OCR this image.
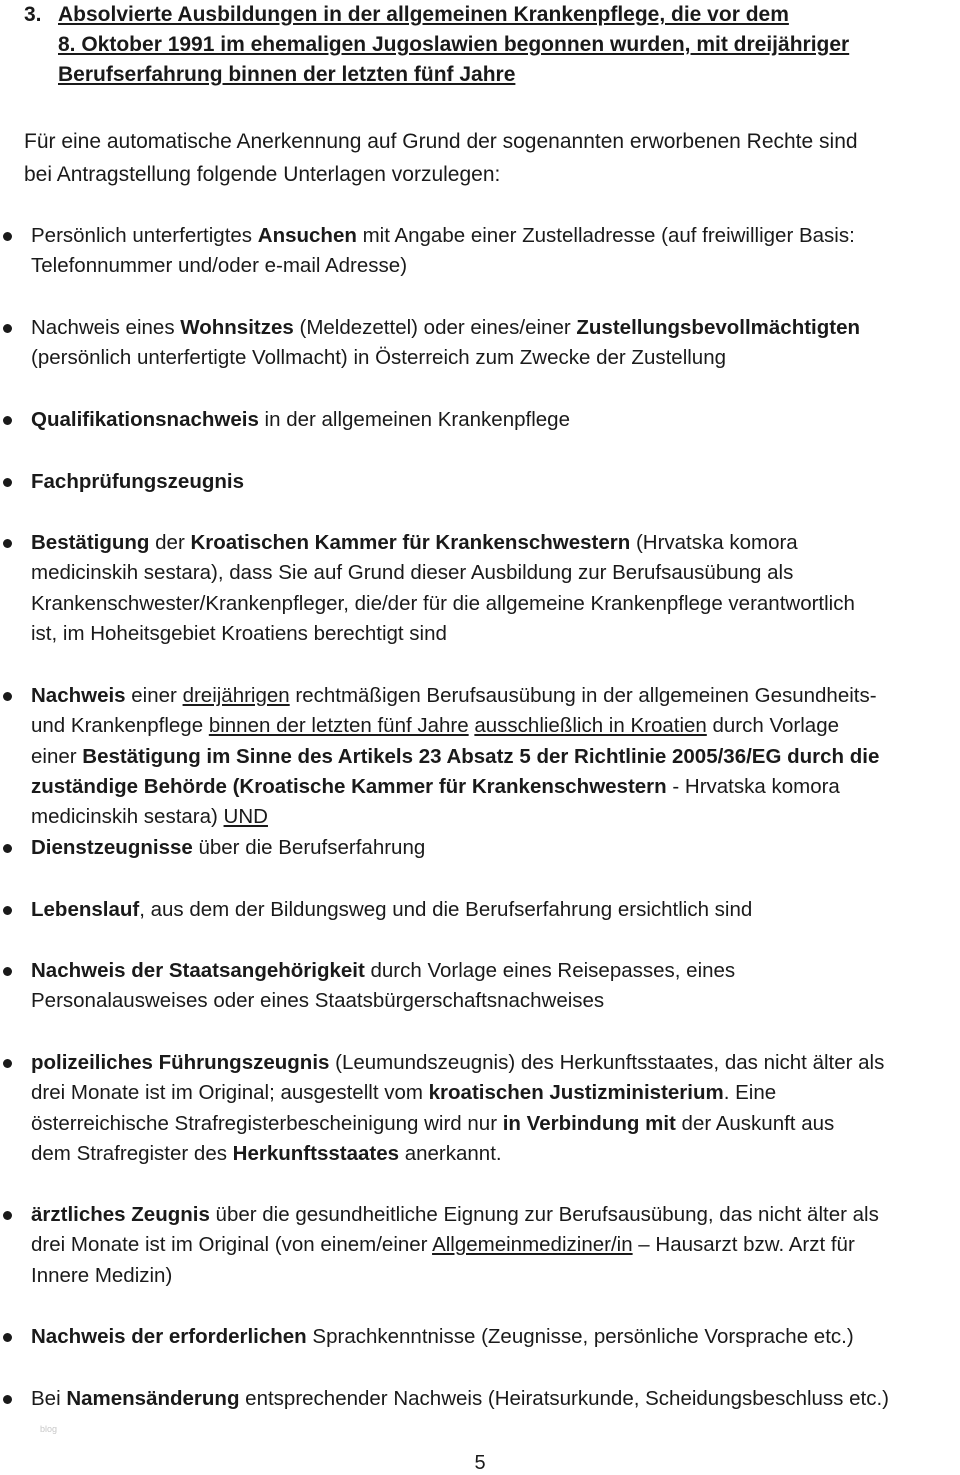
3. Absolvierte Ausbildungen in der allgemeinen Krankenpflege, die vor dem
8. Oktober 1991 im ehemaligen Jugoslawien begonnen wurden, mit dreijähriger
Berufserfahrung binnen der letzten fünf Jahre
Für eine automatische Anerkennung auf Grund der sogenannten erworbenen Rechte sind
bei Antragstellung folgende Unterlagen vorzulegen:
Persönlich unterfertigtes Ansuchen mit Angabe einer Zustelladresse (auf freiwilliger Basis:
Telefonnummer und/oder e-mail Adresse)
Nachweis eines Wohnsitzes (Meldezettel) oder eines/einer Zustellungsbevollmächtigten
(persönlich unterfertigte Vollmacht) in Österreich zum Zwecke der Zustellung
Qualifikationsnachweis in der allgemeinen Krankenpflege
Fachprüfungszeugnis
Bestätigung der Kroatischen Kammer für Krankenschwestern (Hrvatska komora
medicinskih sestara), dass Sie auf Grund dieser Ausbildung zur Berufsausübung als
Krankenschwester/Krankenpfleger, die/der für die allgemeine Krankenpflege verantwortlich
ist, im Hoheitsgebiet Kroatiens berechtigt sind
Nachweis einer dreijährigen rechtmäßigen Berufsausübung in der allgemeinen Gesundheits-
und Krankenpflege binnen der letzten fünf Jahre ausschließlich in Kroatien durch Vorlage
einer Bestätigung im Sinne des Artikels 23 Absatz 5 der Richtlinie 2005/36/EG durch die
zuständige Behörde (Kroatische Kammer für Krankenschwestern - Hrvatska komora
medicinskih sestara) UND
Dienstzeugnisse über die Berufserfahrung
Lebenslauf, aus dem der Bildungsweg und die Berufserfahrung ersichtlich sind
Nachweis der Staatsangehörigkeit durch Vorlage eines Reisepasses, eines
Personalausweises oder eines Staatsbürgerschaftsnachweises
polizeiliches Führungszeugnis (Leumundszeugnis) des Herkunftsstaates, das nicht älter als
drei Monate ist im Original; ausgestellt vom kroatischen Justizministerium. Eine
österreichische Strafregisterbescheinigung wird nur in Verbindung mit der Auskunft aus
dem Strafregister des Herkunftsstaates anerkannt.
ärztliches Zeugnis über die gesundheitliche Eignung zur Berufsausübung, das nicht älter als
drei Monate ist im Original (von einem/einer Allgemeinmediziner/in – Hausarzt bzw. Arzt für
Innere Medizin)
Nachweis der erforderlichen Sprachkenntnisse (Zeugnisse, persönliche Vorsprache etc.)
Bei Namensänderung entsprechender Nachweis (Heiratsurkunde, Scheidungsbeschluss etc.)
blog
5
